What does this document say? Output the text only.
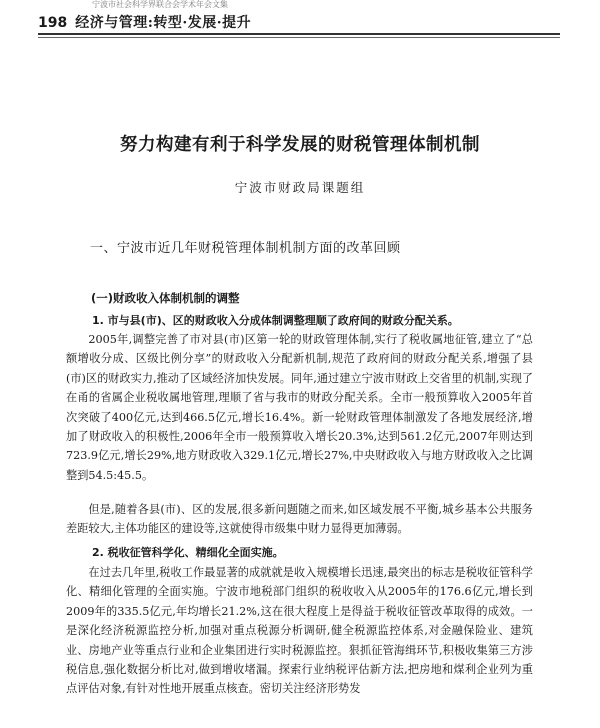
宁波市社会科学界联合会学术年会文集
198 经济与管理:转型·发展·提升
努力构建有利于科学发展的财税管理体制机制
宁波市财政局课题组
一、宁波市近几年财税管理体制机制方面的改革回顾
(一)财政收入体制机制的调整
1. 市与县(市)、区的财政收入分成体制调整理顺了政府间的财政分配关系。

2005年,调整完善了市对县(市)区第一轮的财政管理体制,实行了税收属地征管,建立了“总额增收分成、区级比例分享”的财政收入分配新机制,规范了政府间的财政分配关系,增强了县(市)区的财政实力,推动了区域经济加快发展。同年,通过建立宁波市财政上交省里的机制,实现了在甬的省属企业税收属地管理,理顺了省与我市的财政分配关系。全市一般预算收入2005年首次突破了400亿元,达到466.5亿元,增长16.4%。新一轮财政管理体制激发了各地发展经济,增加了财政收入的积极性,2006年全市一般预算收入增长20.3%,达到561.2亿元,2007年则达到723.9亿元,增长29%,地方财政收入329.1亿元,增长27%,中央财政收入与地方财政收入之比调整到54.5:45.5。

但是,随着各县(市)、区的发展,很多新问题随之而来,如区域发展不平衡,城乡基本公共服务差距较大,主体功能区的建设等,这就使得市级集中财力显得更加薄弱。

2. 税收征管科学化、精细化全面实施。

在过去几年里,税收工作最显著的成就就是收入规模增长迅速,最突出的标志是税收征管科学化、精细化管理的全面实施。宁波市地税部门组织的税收收入从2005年的176.6亿元,增长到2009年的335.5亿元,年均增长21.2%,这在很大程度上是得益于税收征管改革取得的成效。一是深化经济税源监控分析,加强对重点税源分析调研,健全税源监控体系,对金融保险业、建筑业、房地产业等重点行业和企业集团进行实时税源监控。狠抓征管海缉环节,积极收集第三方涉税信息,强化数据分析比对,做到增收堵漏。探索行业纳税评估新方法,把房地和煤利企业列为重点评估对象,有针对性地开展重点核查。密切关注经济形势发
